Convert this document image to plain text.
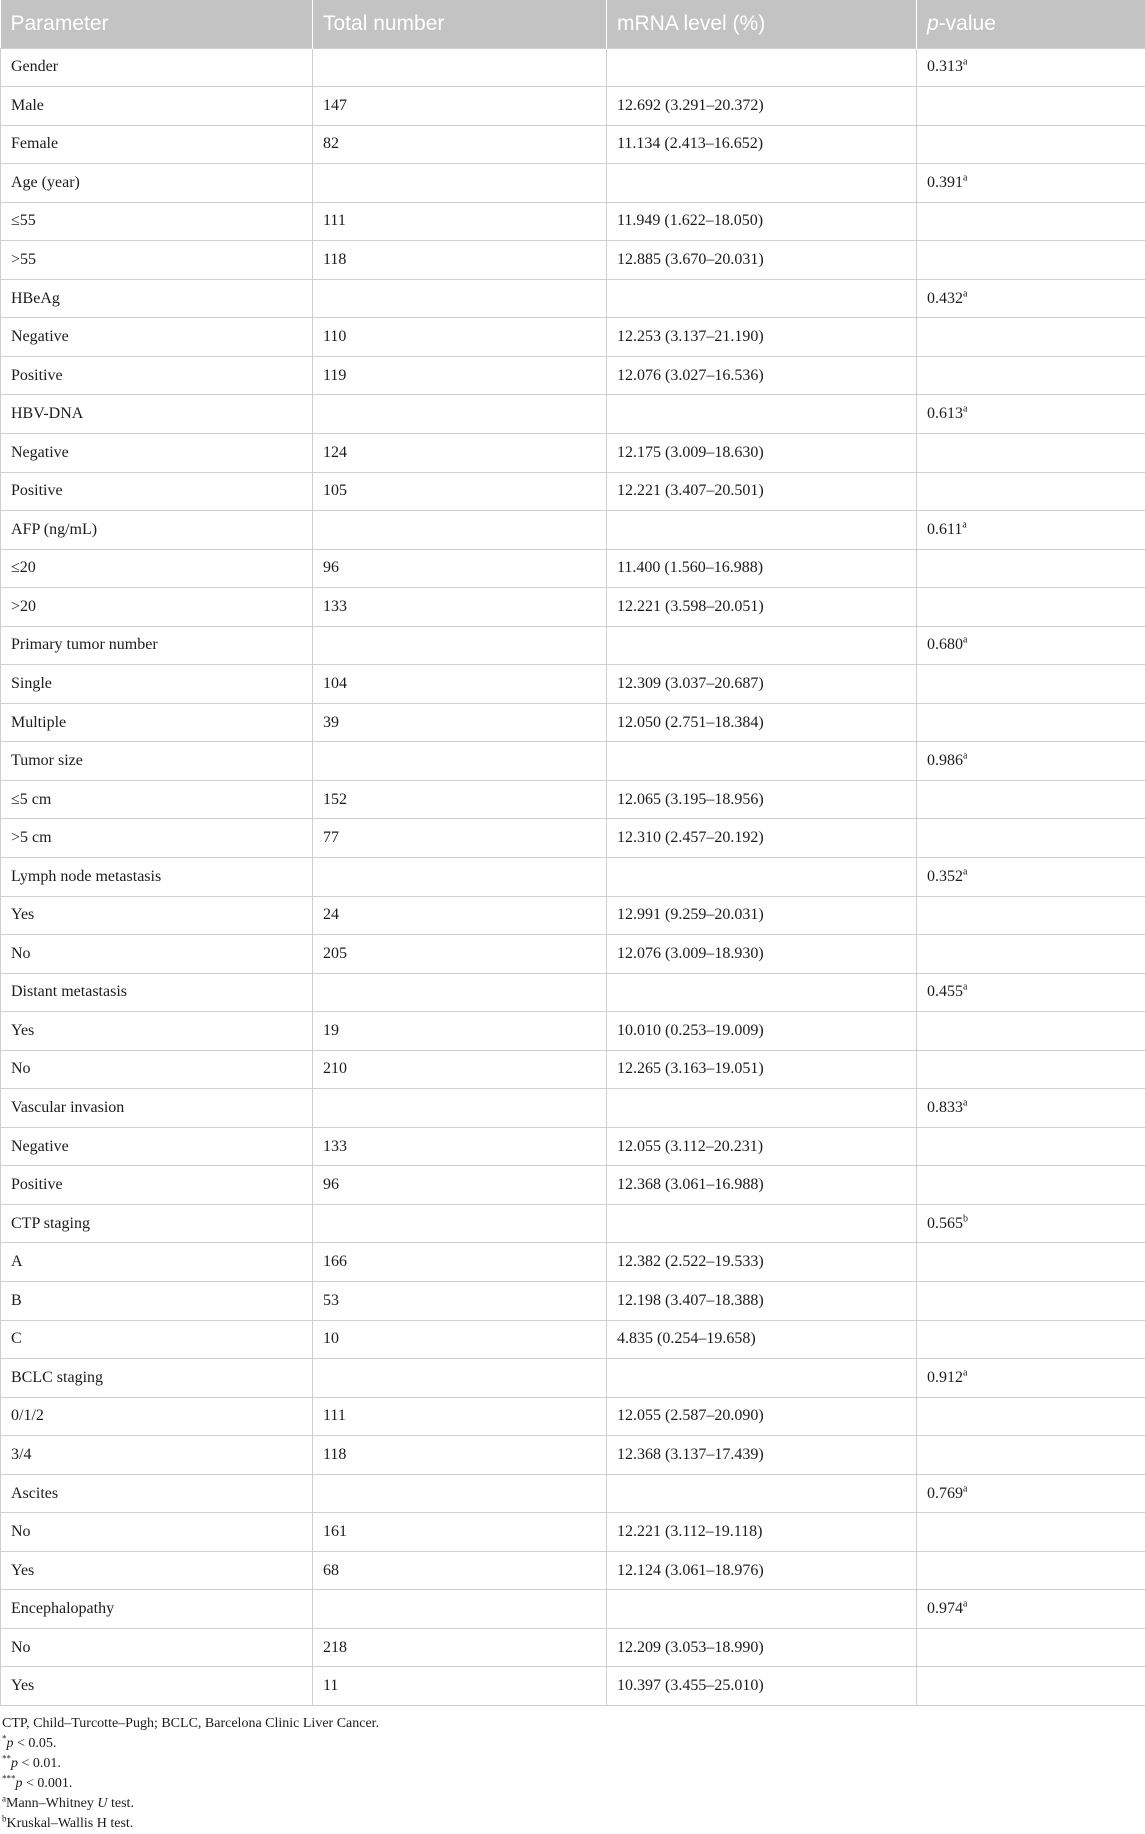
Parameter	Total number	mRNA level (%)	p-value
Gender			0.313$^a$
Male	147	12.692 (3.291–20.372)	
Female	82	11.134 (2.413–16.652)	
Age (year)			0.391$^a$
≤55	111	11.949 (1.622–18.050)	
>55	118	12.885 (3.670–20.031)	
HBeAg			0.432$^a$
Negative	110	12.253 (3.137–21.190)	
Positive	119	12.076 (3.027–16.536)	
HBV-DNA			0.613$^a$
Negative	124	12.175 (3.009–18.630)	
Positive	105	12.221 (3.407–20.501)	
AFP (ng/mL)			0.611$^a$
≤20	96	11.400 (1.560–16.988)	
>20	133	12.221 (3.598–20.051)	
Primary tumor number			0.680$^a$
Single	104	12.309 (3.037–20.687)	
Multiple	39	12.050 (2.751–18.384)	
Tumor size			0.986$^a$
≤5 cm	152	12.065 (3.195–18.956)	
>5 cm	77	12.310 (2.457–20.192)	
Lymph node metastasis			0.352$^a$
Yes	24	12.991 (9.259–20.031)	
No	205	12.076 (3.009–18.930)	
Distant metastasis			0.455$^a$
Yes	19	10.010 (0.253–19.009)	
No	210	12.265 (3.163–19.051)	
Vascular invasion			0.833$^a$
Negative	133	12.055 (3.112–20.231)	
Positive	96	12.368 (3.061–16.988)	
CTP staging			0.565$^b$
A	166	12.382 (2.522–19.533)	
B	53	12.198 (3.407–18.388)	
C	10	4.835 (0.254–19.658)	
BCLC staging			0.912$^a$
0/1/2	111	12.055 (2.587–20.090)	
3/4	118	12.368 (3.137–17.439)	
Ascites			0.769$^a$
No	161	12.221 (3.112–19.118)	
Yes	68	12.124 (3.061–18.976)	
Encephalopathy			0.974$^a$
No	218	12.209 (3.053–18.990)	
Yes	11	10.397 (3.455–25.010)	
CTP, Child–Turcotte–Pugh; BCLC, Barcelona Clinic Liver Cancer.
*p < 0.05.
**p < 0.01.
***p < 0.001.
$^a$Mann–Whitney U test.
$^b$Kruskal–Wallis H test.
